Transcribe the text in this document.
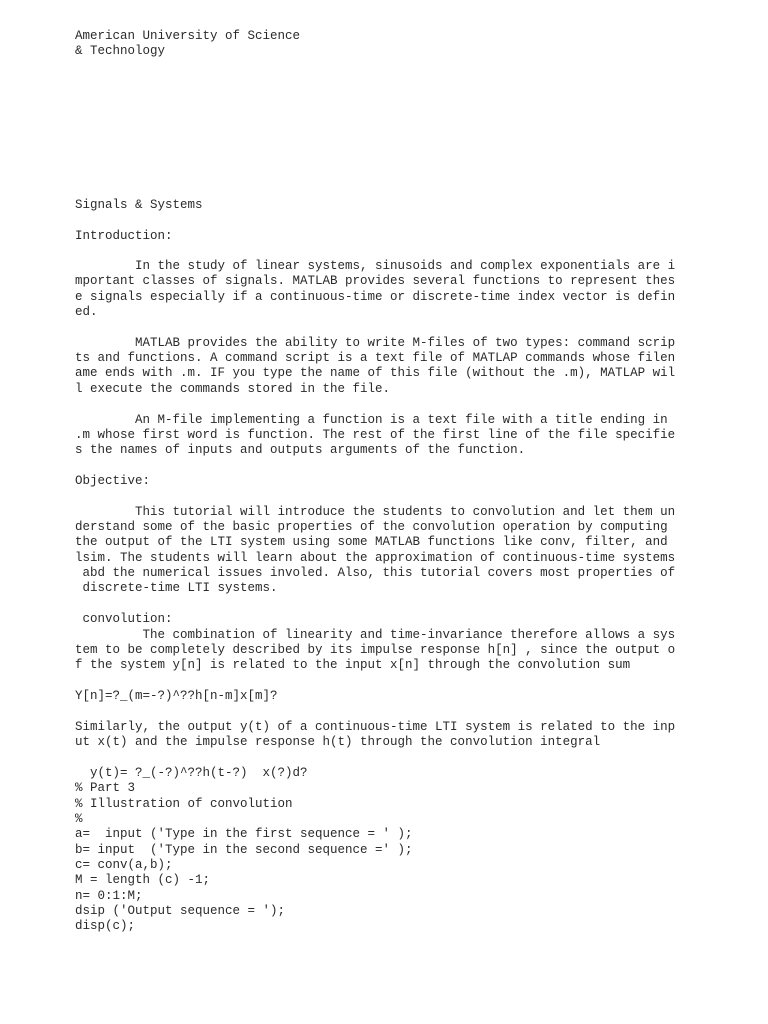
American University of Science

& Technology

Signals & Systems

Introduction:

In the study of linear systems, sinusoids and complex exponentials are i

mportant classes of signals. MATLAB provides several functions to represent thes

e signals especially if a continuous-time or discrete-time index vector is defin

ed.

MATLAB provides the ability to write M-files of two types: command scrip

ts and functions. A command script is a text file of MATLAP commands whose filen

ame ends with .m. IF you type the name of this file (without the .m), MATLAP wil

l execute the commands stored in the file.

An M-file implementing a function is a text file with a title ending in

.m whose first word is function. The rest of the first line of the file specifie

s the names of inputs and outputs arguments of the function.

Objective:

This tutorial will introduce the students to convolution and let them un

derstand some of the basic properties of the convolution operation by computing

the output of the LTI system using some MATLAB functions like conv, filter, and

lsim. The students will learn about the approximation of continuous-time systems

abd the numerical issues involed. Also, this tutorial covers most properties of

discrete-time LTI systems.

convolution:

The combination of linearity and time-invariance therefore allows a sys

tem to be completely described by its impulse response h[n] , since the output o

f the system y[n] is related to the input x[n] through the convolution sum

Y[n]=?_(m=-?)^??h[n-m]x[m]?

Similarly, the output y(t) of a continuous-time LTI system is related to the inp

ut x(t) and the impulse response h(t) through the convolution integral

y(t)= ?_(-?)^??h(t-?)  x(?)d?

% Part 3

% Illustration of convolution

%

a=  input ('Type in the first sequence = ' );

b= input  ('Type in the second sequence =' );

c= conv(a,b);

M = length (c) -1;

n= 0:1:M;

dsip ('Output sequence = ');

disp(c);
